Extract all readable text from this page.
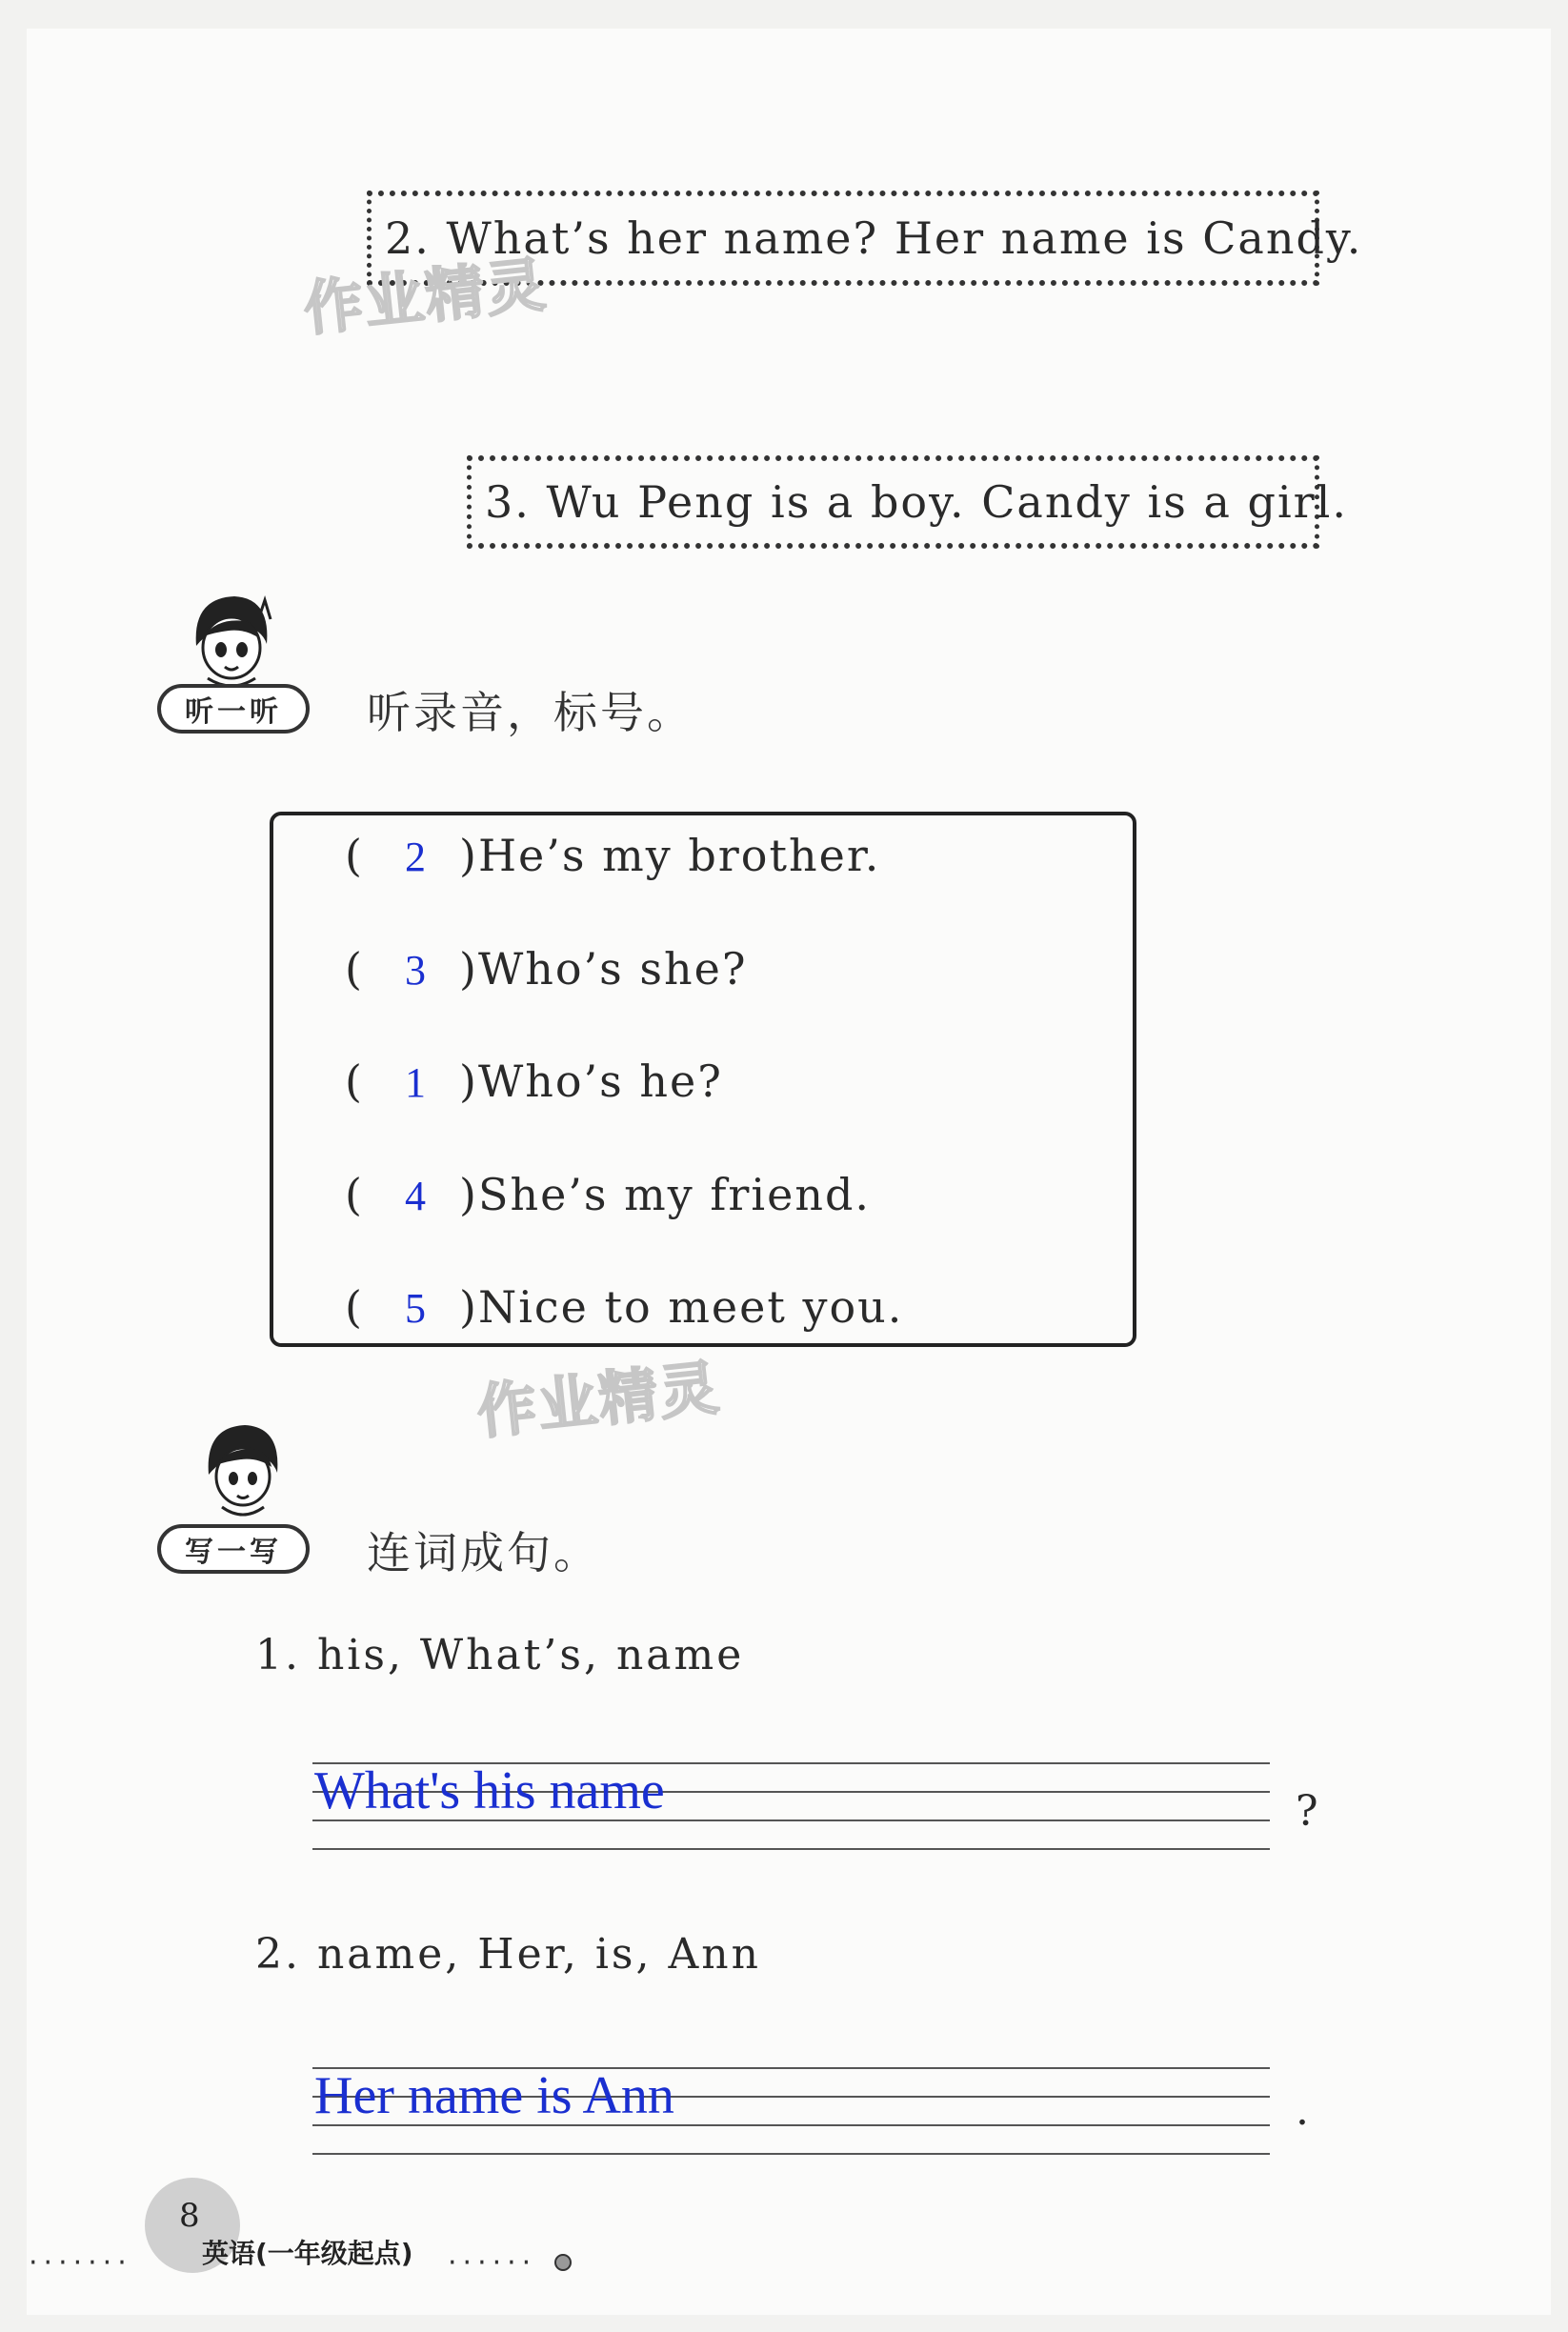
2. What’s her name? Her name is Candy.
作业精灵
3. Wu Peng is a boy. Candy is a girl.
听一听	听录音，标号。
( 2 )He’s my brother.
( 3 )Who’s she?
( 1 )Who’s he?
( 4 )She’s my friend.
( 5 )Nice to meet you.
作业精灵
写一写	连词成句。
1. his, What’s, name
What's his name	?
2. name, Her, is, Ann
Her name is Ann	.
8
·······	英语(一年级起点) ······
